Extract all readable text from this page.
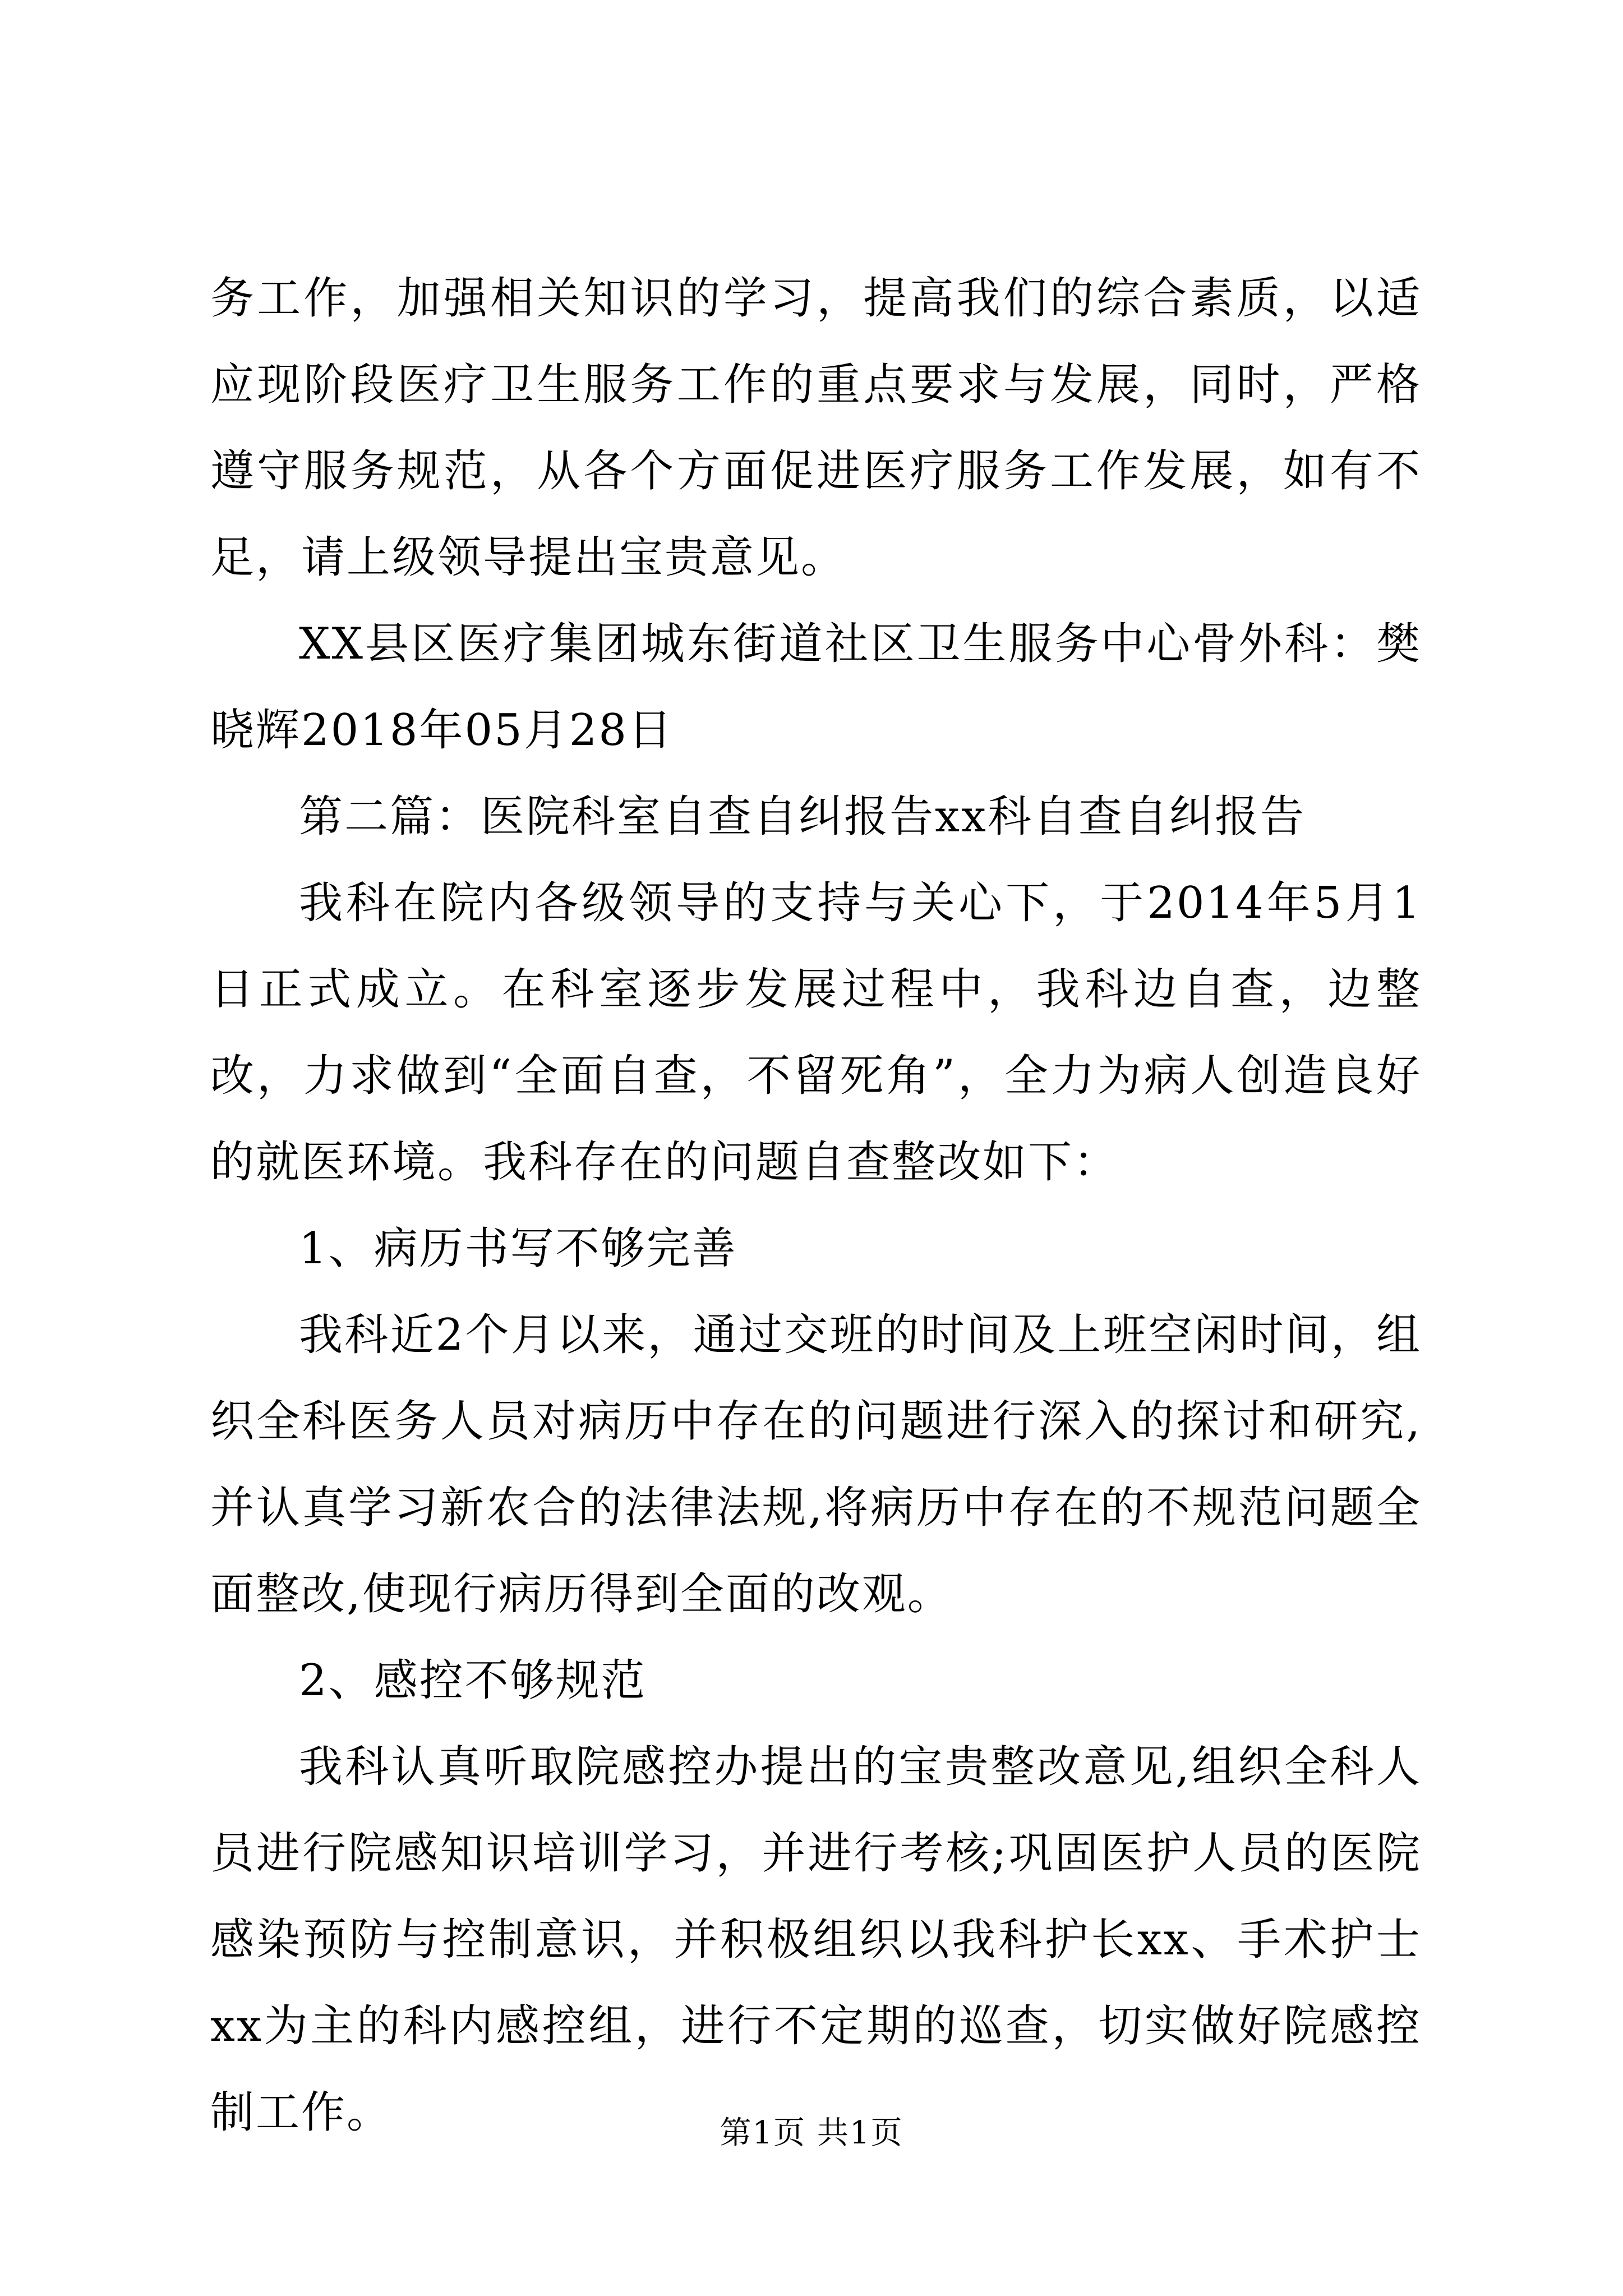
务工作，加强相关知识的学习，提高我们的综合素质，以适应现阶段医疗卫生服务工作的重点要求与发展，同时，严格遵守服务规范，从各个方面促进医疗服务工作发展，如有不足，请上级领导提出宝贵意见。

XX县区医疗集团城东街道社区卫生服务中心骨外科：樊晓辉2018年05月28日

第二篇：医院科室自查自纠报告xx科自查自纠报告

我科在院内各级领导的支持与关心下，于2014年5月1日正式成立。在科室逐步发展过程中，我科边自查，边整改，力求做到“全面自查，不留死角”，全力为病人创造良好的就医环境。我科存在的问题自查整改如下：

1、病历书写不够完善

我科近2个月以来，通过交班的时间及上班空闲时间，组织全科医务人员对病历中存在的问题进行深入的探讨和研究,并认真学习新农合的法律法规,将病历中存在的不规范问题全面整改,使现行病历得到全面的改观。

2、感控不够规范

我科认真听取院感控办提出的宝贵整改意见,组织全科人员进行院感知识培训学习，并进行考核;巩固医护人员的医院感染预防与控制意识，并积极组织以我科护长xx、手术护士xx为主的科内感控组，进行不定期的巡查，切实做好院感控制工作。	第1页 共1页
